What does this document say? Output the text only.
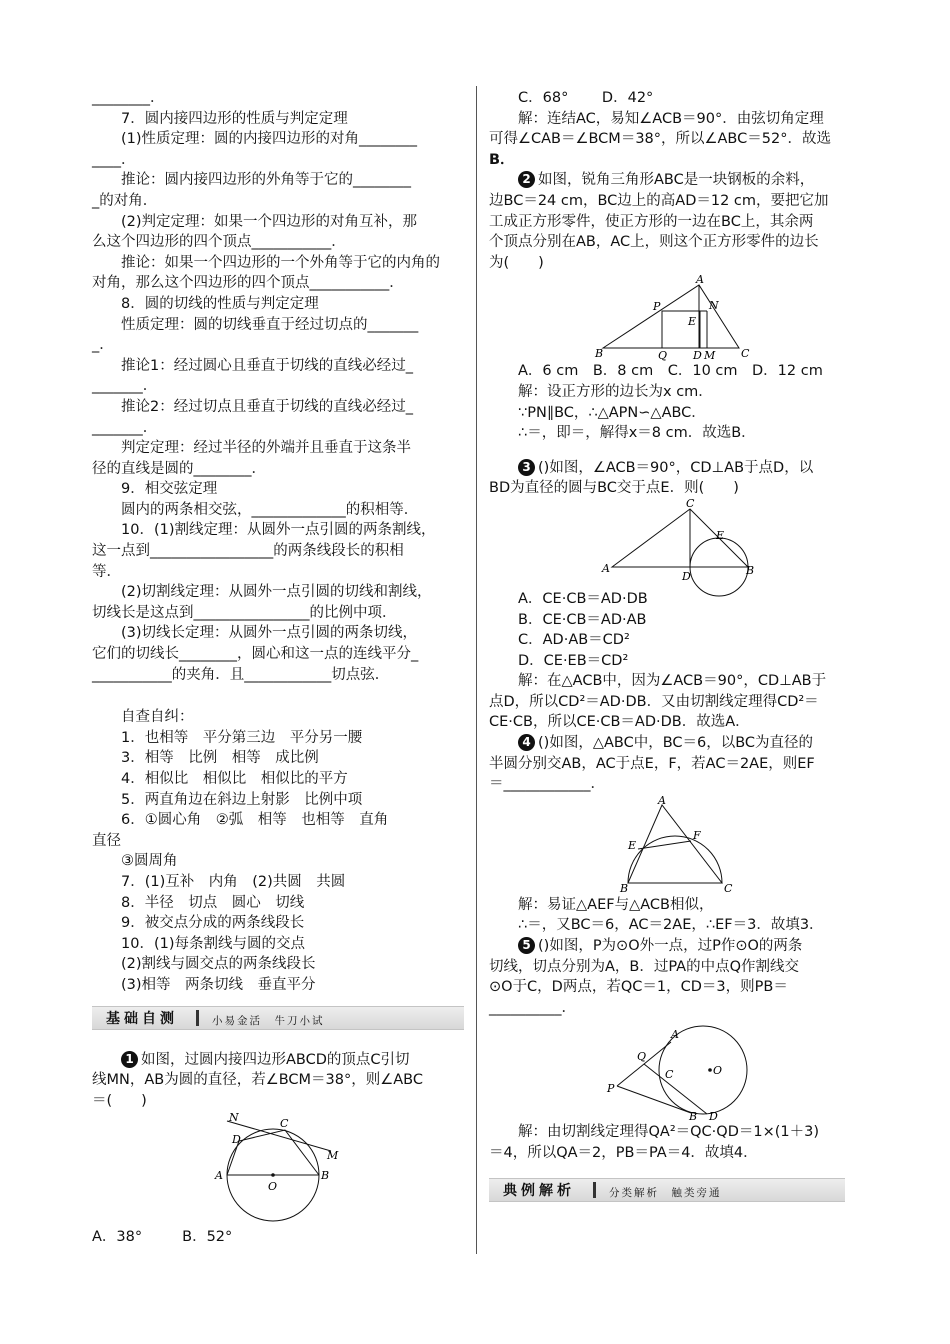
________．

7．圆内接四边形的性质与判定定理

(1)性质定理：圆的内接四边形的对角________

____．

推论：圆内接四边形的外角等于它的________

_的对角．

(2)判定定理：如果一个四边形的对角互补，那

么这个四边形的四个顶点___________．

推论：如果一个四边形的一个外角等于它的内角的

对角，那么这个四边形的四个顶点___________．

8．圆的切线的性质与判定定理

性质定理：圆的切线垂直于经过切点的_______

_．

推论1：经过圆心且垂直于切线的直线必经过_

_______．

推论2：经过切点且垂直于切线的直线必经过_

_______．

判定定理：经过半径的外端并且垂直于这条半

径的直线是圆的________．

9．相交弦定理

圆内的两条相交弦，_____________的积相等．

10．(1)割线定理：从圆外一点引圆的两条割线，

这一点到_________________的两条线段长的积相

等．

(2)切割线定理：从圆外一点引圆的切线和割线，

切线长是这点到________________的比例中项．

(3)切线长定理：从圆外一点引圆的两条切线，

它们的切线长________，圆心和这一点的连线平分_

___________的夹角．且____________切点弦．

自查自纠：

1．也相等　平分第三边　平分另一腰

3．相等　比例　相等　成比例

4．相似比　相似比　相似比的平方

5．两直角边在斜边上射影　比例中项

6．①圆心角　②弧　相等　也相等　直角

直径

③圆周角

7．(1)互补　内角　(2)共圆　共圆

8．半径　切点　圆心　切线

9．被交点分成的两条线段长

10．(1)每条割线与圆的交点

(2)割线与圆交点的两条线段长

(3)相等　两条切线　垂直平分

基础自测	小易金活　牛刀小试

1 如图，过圆内接四边形ABCD的顶点C引切

线MN，AB为圆的直径，若∠BCM＝38°，则∠ABC

＝(　　)

N
D
C
M
A	B
O

A．38°	B．52°

C．68°　　 D．42°

解：连结AC，易知∠ACB＝90°．由弦切角定理

可得∠CAB＝∠BCM＝38°，所以∠ABC＝52°．故选

B．

2 如图，锐角三角形ABC是一块钢板的余料，

边BC＝24 cm，BC边上的高AD＝12 cm，要把它加

工成正方形零件，使正方形的一边在BC上，其余两

个顶点分别在AB，AC上，则这个正方形零件的边长

为(　　)

A
P	N
E
B	Q D M C

A．6 cm　B．8 cm　C．10 cm　D．12 cm

解：设正方形的边长为x cm．

∵PN∥BC，∴△APN∽△ABC．

∴＝，即＝，解得x＝8 cm．故选B．

3 ()如图，∠ACB＝90°，CD⊥AB于点D，以

BD为直径的圆与BC交于点E．则(　　)

C
A
D
E
B

A．CE·CB＝AD·DB

B．CE·CB＝AD·AB

C．AD·AB＝CD²

D．CE·EB＝CD²

解：在△ACB中，因为∠ACB＝90°，CD⊥AB于

点D，所以CD²＝AD·DB．又由切割线定理得CD²＝

CE·CB，所以CE·CB＝AD·DB．故选A．

4 ()如图，△ABC中，BC＝6，以BC为直径的

半圆分别交AB，AC于点E，F，若AC＝2AE，则EF

＝____________．

A
E
F
B	C

解：易证△AEF与△ACB相似，

∴＝，又BC＝6，AC＝2AE，∴EF＝3．故填3．

5 ()如图，P为⊙O外一点，过P作⊙O的两条

切线，切点分别为A，B．过PA的中点Q作割线交

⊙O于C，D两点，若QC＝1，CD＝3，则PB＝

__________．

A
Q
C	O
P
B D

解：由切割线定理得QA²＝QC·QD＝1×(1＋3)

＝4，所以QA＝2，PB＝PA＝4．故填4．

典例解析	分类解析　触类旁通
